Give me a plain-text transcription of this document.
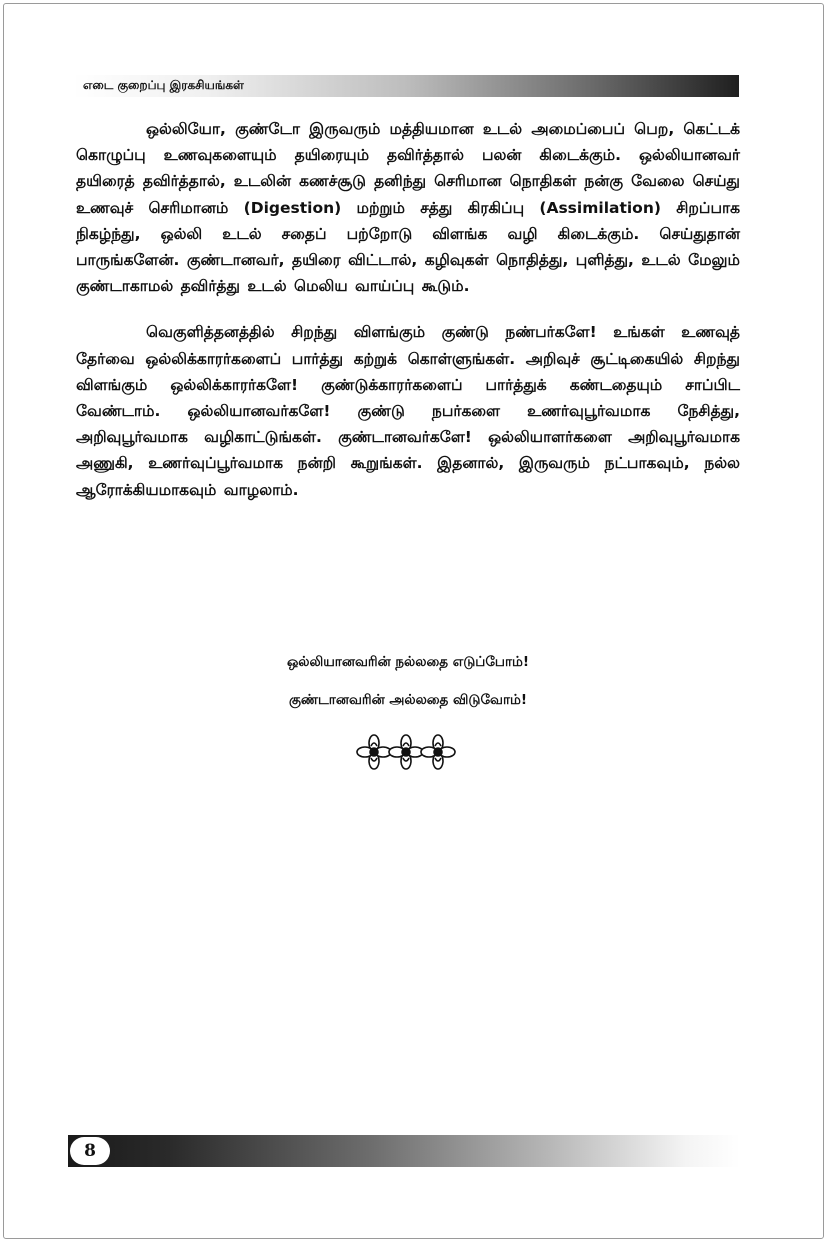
எடை குறைப்பு இரகசியங்கள்

ஒல்லியோ, குண்டோ இருவரும் மத்தியமான உடல் அமைப்பைப் பெற, கெட்டக் கொழுப்பு உணவுகளையும் தயிரையும் தவிர்த்தால் பலன் கிடைக்கும். ஒல்லியானவர் தயிரைத் தவிர்த்தால், உடலின் கணச்சூடு தனிந்து செரிமான நொதிகள் நன்கு வேலை செய்து உணவுச் செரிமானம் (Digestion) மற்றும் சத்து கிரகிப்பு (Assimilation) சிறப்பாக நிகழ்ந்து, ஒல்லி உடல் சதைப் பற்றோடு விளங்க வழி கிடைக்கும். செய்துதான் பாருங்களேன். குண்டானவர், தயிரை விட்டால், கழிவுகள் நொதித்து, புளித்து, உடல் மேலும் குண்டாகாமல் தவிர்த்து உடல் மெலிய வாய்ப்பு கூடும்.

வெகுளித்தனத்தில் சிறந்து விளங்கும் குண்டு நண்பர்களே! உங்கள் உணவுத் தேர்வை ஒல்லிக்காரர்களைப் பார்த்து கற்றுக் கொள்ளுங்கள். அறிவுச் சூட்டிகையில் சிறந்து விளங்கும் ஒல்லிக்காரர்களே! குண்டுக்காரர்களைப் பார்த்துக் கண்டதையும் சாப்பிட வேண்டாம். ஒல்லியானவர்களே! குண்டு நபர்களை உணர்வுபூர்வமாக நேசித்து, அறிவுபூர்வமாக வழிகாட்டுங்கள். குண்டானவர்களே! ஒல்லியாளர்களை அறிவுபூர்வமாக அணுகி, உணர்வுப்பூர்வமாக நன்றி கூறுங்கள். இதனால், இருவரும் நட்பாகவும், நல்ல ஆரோக்கியமாகவும் வாழலாம்.

ஒல்லியானவரின் நல்லதை எடுப்போம்!

குண்டானவரின் அல்லதை விடுவோம்!

8
